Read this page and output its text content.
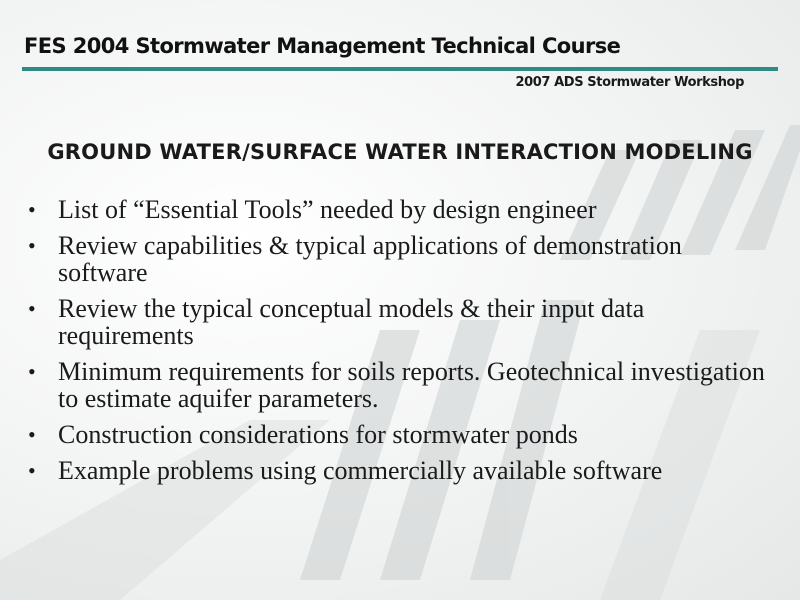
FES 2004 Stormwater Management Technical Course
2007 ADS Stormwater Workshop
GROUND WATER/SURFACE WATER INTERACTION MODELING
• List of “Essential Tools” needed by design engineer
• Review capabilities & typical applications of demonstration software
• Review the typical conceptual models & their input data requirements
• Minimum requirements for soils reports. Geotechnical investigation to estimate aquifer parameters.
• Construction considerations for stormwater ponds
• Example problems using commercially available software
